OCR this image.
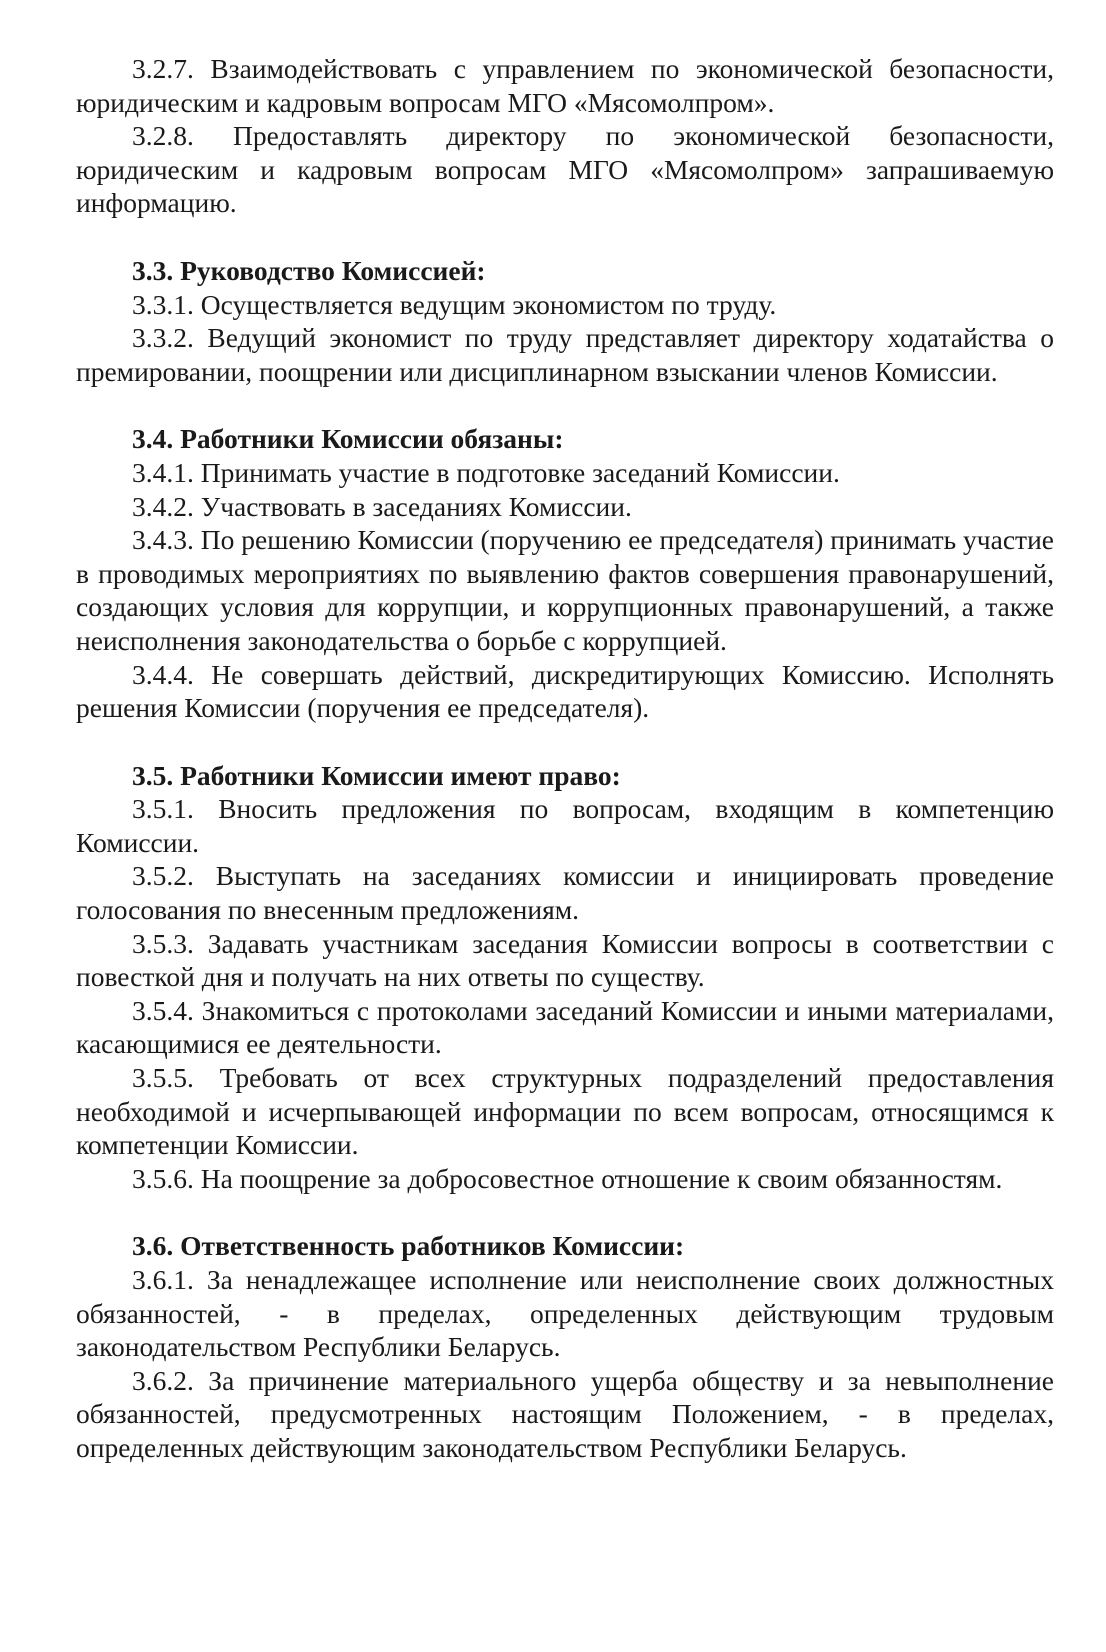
3.2.7. Взаимодействовать с управлением по экономической безопасности, юридическим и кадровым вопросам МГО «Мясомолпром».

3.2.8. Предоставлять директору по экономической безопасности, юридическим и кадровым вопросам МГО «Мясомолпром» запрашиваемую информацию.

3.3. Руководство Комиссией:

3.3.1. Осуществляется ведущим экономистом по труду.

3.3.2. Ведущий экономист по труду представляет директору ходатайства о премировании, поощрении или дисциплинарном взыскании членов Комиссии.

3.4. Работники Комиссии обязаны:

3.4.1. Принимать участие в подготовке заседаний Комиссии.

3.4.2. Участвовать в заседаниях Комиссии.

3.4.3. По решению Комиссии (поручению ее председателя) принимать участие в проводимых мероприятиях по выявлению фактов совершения правонарушений, создающих условия для коррупции, и коррупционных правонарушений, а также неисполнения законодательства о борьбе с коррупцией.

3.4.4. Не совершать действий, дискредитирующих Комиссию. Исполнять решения Комиссии (поручения ее председателя).

3.5. Работники Комиссии имеют право:

3.5.1. Вносить предложения по вопросам, входящим в компетенцию Комиссии.

3.5.2. Выступать на заседаниях комиссии и инициировать проведение голосования по внесенным предложениям.

3.5.3. Задавать участникам заседания Комиссии вопросы в соответствии с повесткой дня и получать на них ответы по существу.

3.5.4. Знакомиться с протоколами заседаний Комиссии и иными материалами, касающимися ее деятельности.

3.5.5. Требовать от всех структурных подразделений предоставления необходимой и исчерпывающей информации по всем вопросам, относящимся к компетенции Комиссии.

3.5.6. На поощрение за добросовестное отношение к своим обязанностям.

3.6. Ответственность работников Комиссии:

3.6.1. За ненадлежащее исполнение или неисполнение своих должностных обязанностей, - в пределах, определенных действующим трудовым законодательством Республики Беларусь.

3.6.2. За причинение материального ущерба обществу и за невыполнение обязанностей, предусмотренных настоящим Положением, - в пределах, определенных действующим законодательством Республики Беларусь.
